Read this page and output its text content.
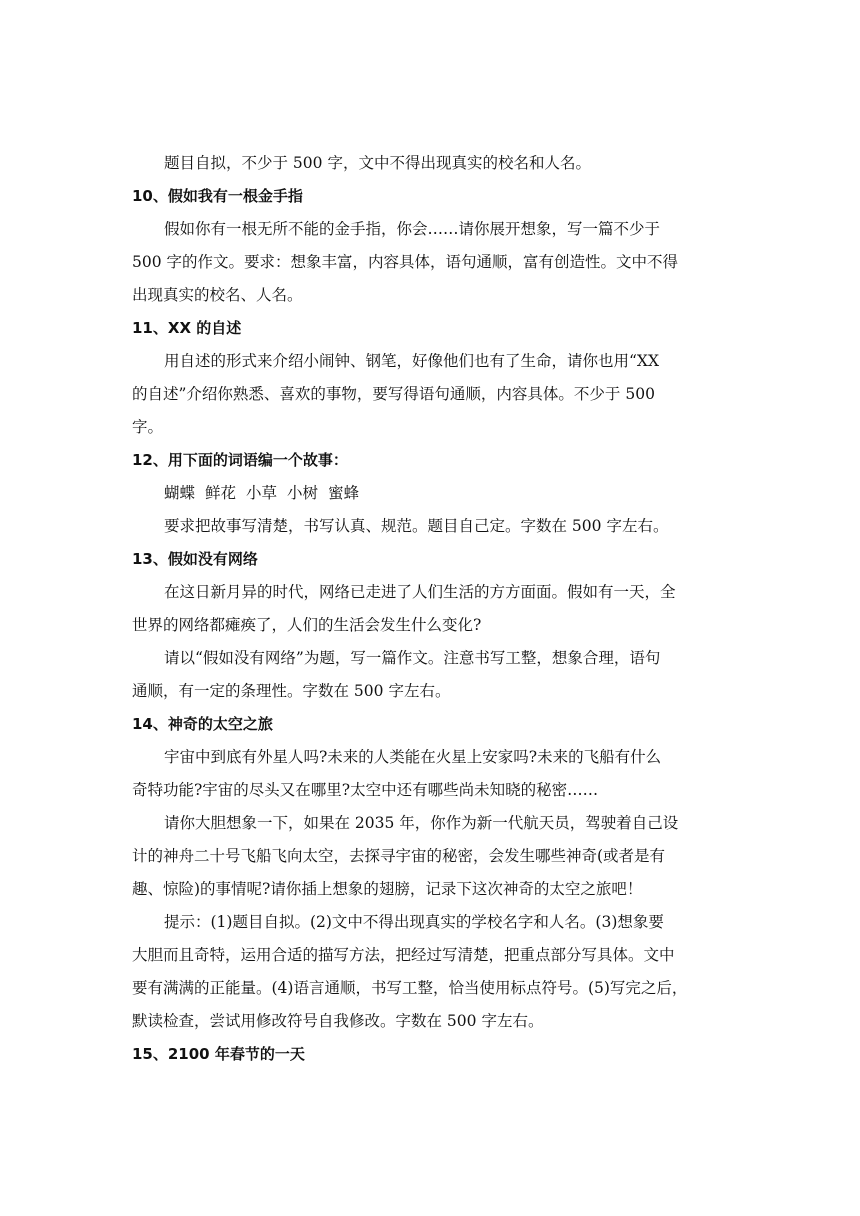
题目自拟，不少于 500 字，文中不得出现真实的校名和人名。
10、假如我有一根金手指
假如你有一根无所不能的金手指，你会……请你展开想象，写一篇不少于
500 字的作文。要求：想象丰富，内容具体，语句通顺，富有创造性。文中不得
出现真实的校名、人名。
11、XX 的自述
用自述的形式来介绍小闹钟、钢笔，好像他们也有了生命，请你也用“XX
的自述”介绍你熟悉、喜欢的事物，要写得语句通顺，内容具体。不少于 500
字。
12、用下面的词语编一个故事：
蝴蝶 鲜花 小草 小树 蜜蜂
要求把故事写清楚，书写认真、规范。题目自己定。字数在 500 字左右。
13、假如没有网络
在这日新月异的时代，网络已走进了人们生活的方方面面。假如有一天，全
世界的网络都瘫痪了，人们的生活会发生什么变化?
请以“假如没有网络”为题，写一篇作文。注意书写工整，想象合理，语句
通顺，有一定的条理性。字数在 500 字左右。
14、神奇的太空之旅
宇宙中到底有外星人吗?未来的人类能在火星上安家吗?未来的飞船有什么
奇特功能?宇宙的尽头又在哪里?太空中还有哪些尚未知晓的秘密……
请你大胆想象一下，如果在 2035 年，你作为新一代航天员，驾驶着自己设
计的神舟二十号飞船飞向太空，去探寻宇宙的秘密，会发生哪些神奇(或者是有
趣、惊险)的事情呢?请你插上想象的翅膀，记录下这次神奇的太空之旅吧！
提示：(1)题目自拟。(2)文中不得出现真实的学校名字和人名。(3)想象要
大胆而且奇特，运用合适的描写方法，把经过写清楚，把重点部分写具体。文中
要有满满的正能量。(4)语言通顺，书写工整，恰当使用标点符号。(5)写完之后，
默读检查，尝试用修改符号自我修改。字数在 500 字左右。
15、2100 年春节的一天
